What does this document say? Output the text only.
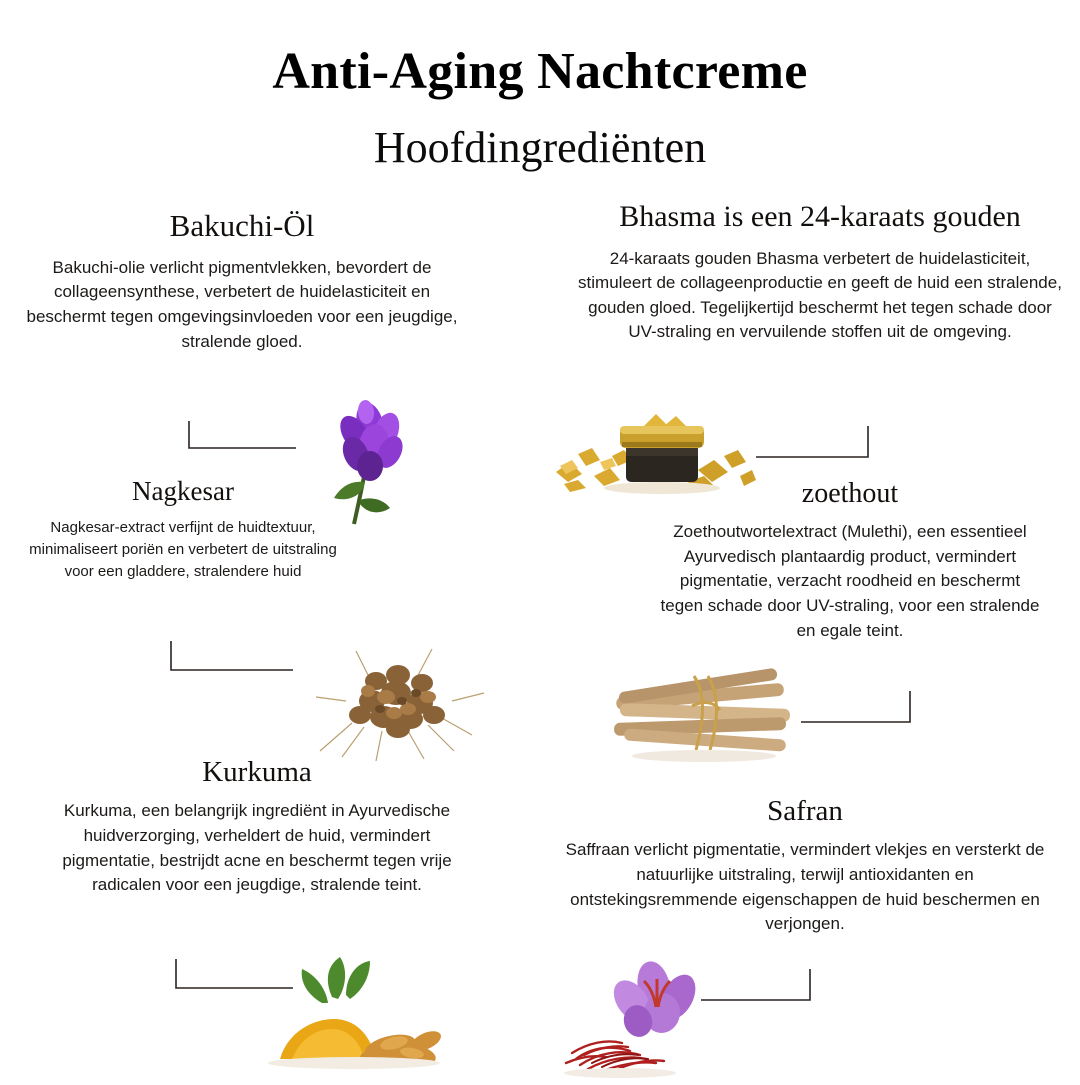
Anti-Aging Nachtcreme
Hoofdingrediënten
Bakuchi-Öl
Bakuchi-olie verlicht pigmentvlekken, bevordert de collageensynthese, verbetert de huidelasticiteit en beschermt tegen omgevingsinvloeden voor een jeugdige, stralende gloed.
Bhasma is een 24-karaats gouden
24-karaats gouden Bhasma verbetert de huidelasticiteit, stimuleert de collageenproductie en geeft de huid een stralende, gouden gloed. Tegelijkertijd beschermt het tegen schade door UV-straling en vervuilende stoffen uit de omgeving.
Nagkesar
Nagkesar-extract verfijnt de huidtextuur, minimaliseert poriën en verbetert de uitstraling voor een gladdere, stralendere huid
zoethout
Zoethoutwortelextract (Mulethi), een essentieel Ayurvedisch plantaardig product, vermindert pigmentatie, verzacht roodheid en beschermt tegen schade door UV-straling, voor een stralende en egale teint.
Kurkuma
Kurkuma, een belangrijk ingrediënt in Ayurvedische huidverzorging, verheldert de huid, vermindert pigmentatie, bestrijdt acne en beschermt tegen vrije radicalen voor een jeugdige, stralende teint.
Safran
Saffraan verlicht pigmentatie, vermindert vlekjes en versterkt de natuurlijke uitstraling, terwijl antioxidanten en ontstekingsremmende eigenschappen de huid beschermen en verjongen.
